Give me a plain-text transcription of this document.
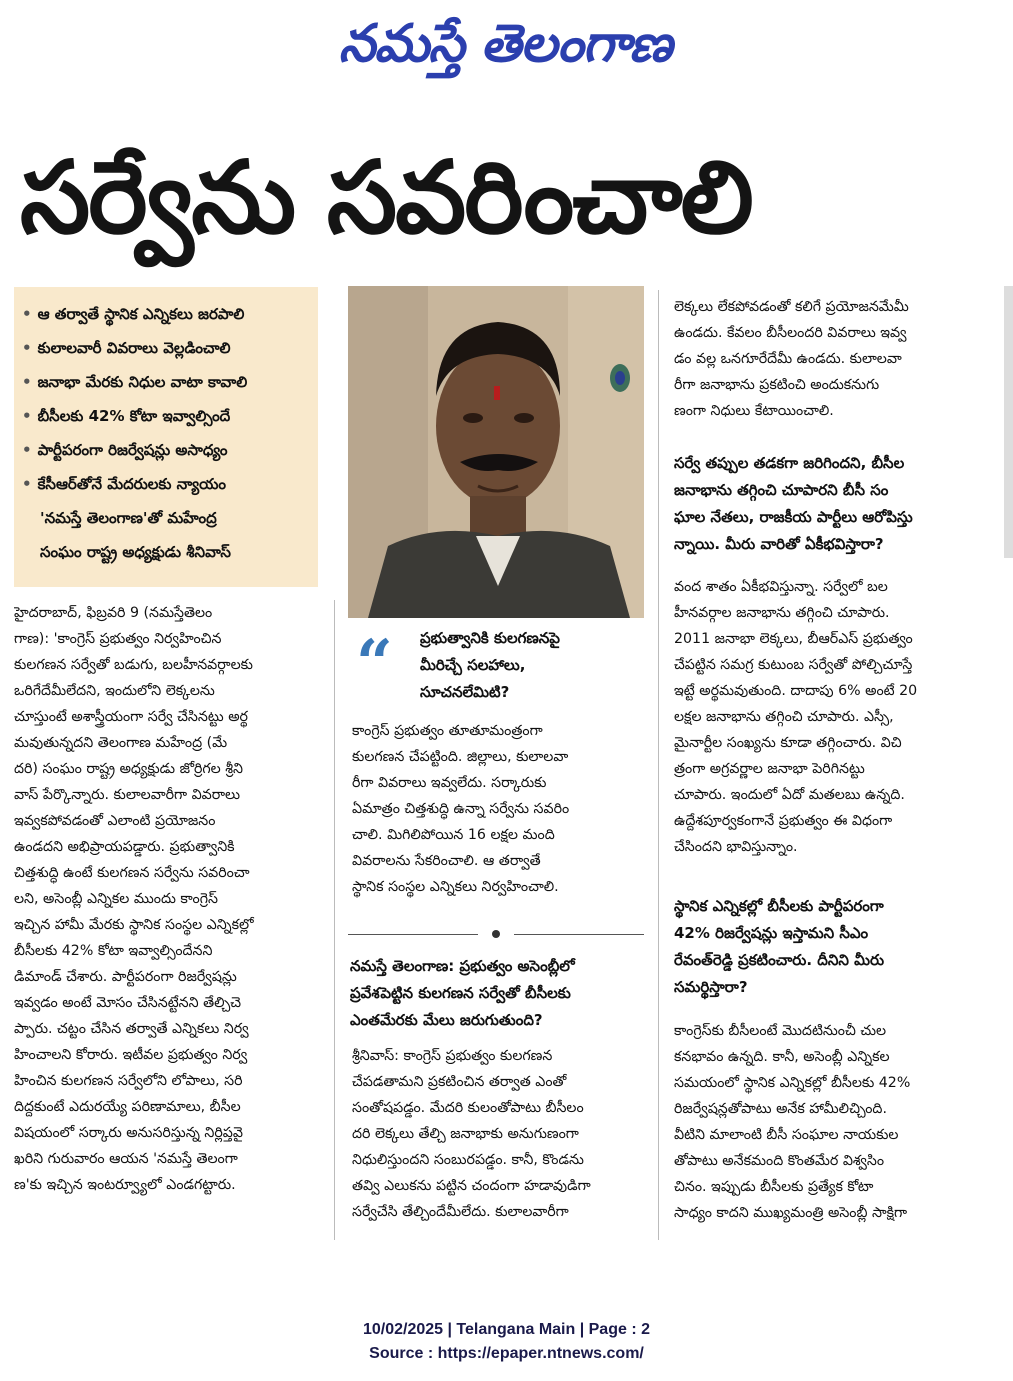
నమస్తే తెలంగాణ
సర్వేను సవరించాలి
• ఆ తర్వాతే స్థానిక ఎన్నికలు జరపాలి
• కులాలవారీ వివరాలు వెల్లడించాలి
• జనాభా మేరకు నిధుల వాటా కావాలి
• బీసీలకు 42% కోటా ఇవ్వాల్సిందే
• పార్టీపరంగా రిజర్వేషన్లు అసాధ్యం
• కేసీఆర్‌తోనే మేదరులకు న్యాయం
'నమస్తే తెలంగాణ'తో మహేంద్ర
సంఘం రాష్ట్ర అధ్యక్షుడు శీనివాస్
హైదరాబాద్, ఫిబ్రవరి 9 (నమస్తేతెలం
గాణ): 'కాంగ్రెస్ ప్రభుత్వం నిర్వహించిన
కులగణన సర్వేతో బడుగు, బలహీనవర్గాలకు
ఒరిగేదేమీలేదని, ఇందులోని లెక్కలను
చూస్తుంటే అశాస్త్రీయంగా సర్వే చేసినట్టు అర్థ
మవుతున్నదని తెలంగాణ మహేంద్ర (మే
దరి) సంఘం రాష్ట్ర అధ్యక్షుడు జోర్రిగల శ్రీని
వాస్ పేర్కొన్నారు. కులాలవారీగా వివరాలు
ఇవ్వకపోవడంతో ఎలాంటి ప్రయోజనం
ఉండదని అభిప్రాయపడ్డారు. ప్రభుత్వానికి
చిత్తశుద్ధి ఉంటే కులగణన సర్వేను సవరించా
లని, అసెంబ్లీ ఎన్నికల ముందు కాంగ్రెస్
ఇచ్చిన హామీ మేరకు స్థానిక సంస్థల ఎన్నికల్లో
బీసీలకు 42% కోటా ఇవ్వాల్సిందేనని
డిమాండ్ చేశారు. పార్టీపరంగా రిజర్వేషన్లు
ఇవ్వడం అంటే మోసం చేసినట్టేనని తేల్చిచె
ప్పారు. చట్టం చేసిన తర్వాతే ఎన్నికలు నిర్వ
హించాలని కోరారు. ఇటీవల ప్రభుత్వం నిర్వ
హించిన కులగణన సర్వేలోని లోపాలు, సరి
దిద్దకుంటే ఎదురయ్యే పరిణామాలు, బీసీల
విషయంలో సర్కారు అనుసరిస్తున్న నిర్లిప్తవై
ఖరిని గురువారం ఆయన 'నమస్తే తెలంగా
ణ'కు ఇచ్చిన ఇంటర్వ్యూలో ఎండగట్టారు.
“	ప్రభుత్వానికి కులగణనపై
మీరిచ్చే సలహాలు,
సూచనలేమిటి?
కాంగ్రెస్ ప్రభుత్వం తూతూమంత్రంగా
కులగణన చేపట్టింది. జిల్లాలు, కులాలవా
రీగా వివరాలు ఇవ్వలేదు. సర్కారుకు
ఏమాత్రం చిత్తశుద్ధి ఉన్నా సర్వేను సవరిం
చాలి. మిగిలిపోయిన 16 లక్షల మంది
వివరాలను సేకరించాలి. ఆ తర్వాతే
స్థానిక సంస్థల ఎన్నికలు నిర్వహించాలి.
నమస్తే తెలంగాణ: ప్రభుత్వం అసెంబ్లీలో
ప్రవేశపెట్టిన కులగణన సర్వేతో బీసీలకు
ఎంతమేరకు మేలు జరుగుతుంది?
శ్రీనివాస్: కాంగ్రెస్ ప్రభుత్వం కులగణన
చేపడతామని ప్రకటించిన తర్వాత ఎంతో
సంతోషపడ్డం. మేదరి కులంతోపాటు బీసీలం
దరి లెక్కలు తేల్చి జనాభాకు అనుగుణంగా
నిధులిస్తుందని సంబురపడ్డం. కానీ, కొండను
తవ్వి ఎలుకను పట్టిన చందంగా హడావుడిగా
సర్వేచేసి తేల్చిందేమీలేదు. కులాలవారీగా
లెక్కలు లేకపోవడంతో కలిగే ప్రయోజనమేమీ
ఉండదు. కేవలం బీసీలందరి వివరాలు ఇవ్వ
డం వల్ల ఒనగూరేదేమీ ఉండదు. కులాలవా
రీగా జనాభాను ప్రకటించి అందుకనుగు
ణంగా నిధులు కేటాయించాలి.
సర్వే తప్పుల తడకగా జరిగిందని, బీసీల
జనాభాను తగ్గించి చూపారని బీసీ సం
ఘాల నేతలు, రాజకీయ పార్టీలు ఆరోపిస్తు
న్నాయి. మీరు వారితో ఏకీభవిస్తారా?
వంద శాతం ఏకీభవిస్తున్నా. సర్వేలో బల
హీనవర్గాల జనాభాను తగ్గించి చూపారు.
2011 జనాభా లెక్కలు, బీఆర్ఎస్ ప్రభుత్వం
చేపట్టిన సమగ్ర కుటుంబ సర్వేతో పోల్చిచూస్తే
ఇట్టే అర్థమవుతుంది. దాదాపు 6% అంటే 20
లక్షల జనాభాను తగ్గించి చూపారు. ఎస్సీ,
మైనార్టీల సంఖ్యను కూడా తగ్గించారు. విచి
త్రంగా అగ్రవర్ణాల జనాభా పెరిగినట్టు
చూపారు. ఇందులో ఏదో మతలబు ఉన్నది.
ఉద్దేశపూర్వకంగానే ప్రభుత్వం ఈ విధంగా
చేసిందని భావిస్తున్నాం.
స్థానిక ఎన్నికల్లో బీసీలకు పార్టీపరంగా
42% రిజర్వేషన్లు ఇస్తామని సీఎం
రేవంత్‌రెడ్డి ప్రకటించారు. దీనిని మీరు
సమర్థిస్తారా?
కాంగ్రెస్‌కు బీసీలంటే మొదటినుంచీ చుల
కనభావం ఉన్నది. కానీ, అసెంబ్లీ ఎన్నికల
సమయంలో స్థానిక ఎన్నికల్లో బీసీలకు 42%
రిజర్వేషన్లతోపాటు అనేక హామీలిచ్చింది.
వీటిని మాలాంటి బీసీ సంఘాల నాయకుల
తోపాటు అనేకమంది కొంతమేర విశ్వసిం
చినం. ఇప్పుడు బీసీలకు ప్రత్యేక కోటా
సాధ్యం కాదని ముఖ్యమంత్రి అసెంబ్లీ సాక్షిగా
10/02/2025 | Telangana Main | Page : 2
Source : https://epaper.ntnews.com/
